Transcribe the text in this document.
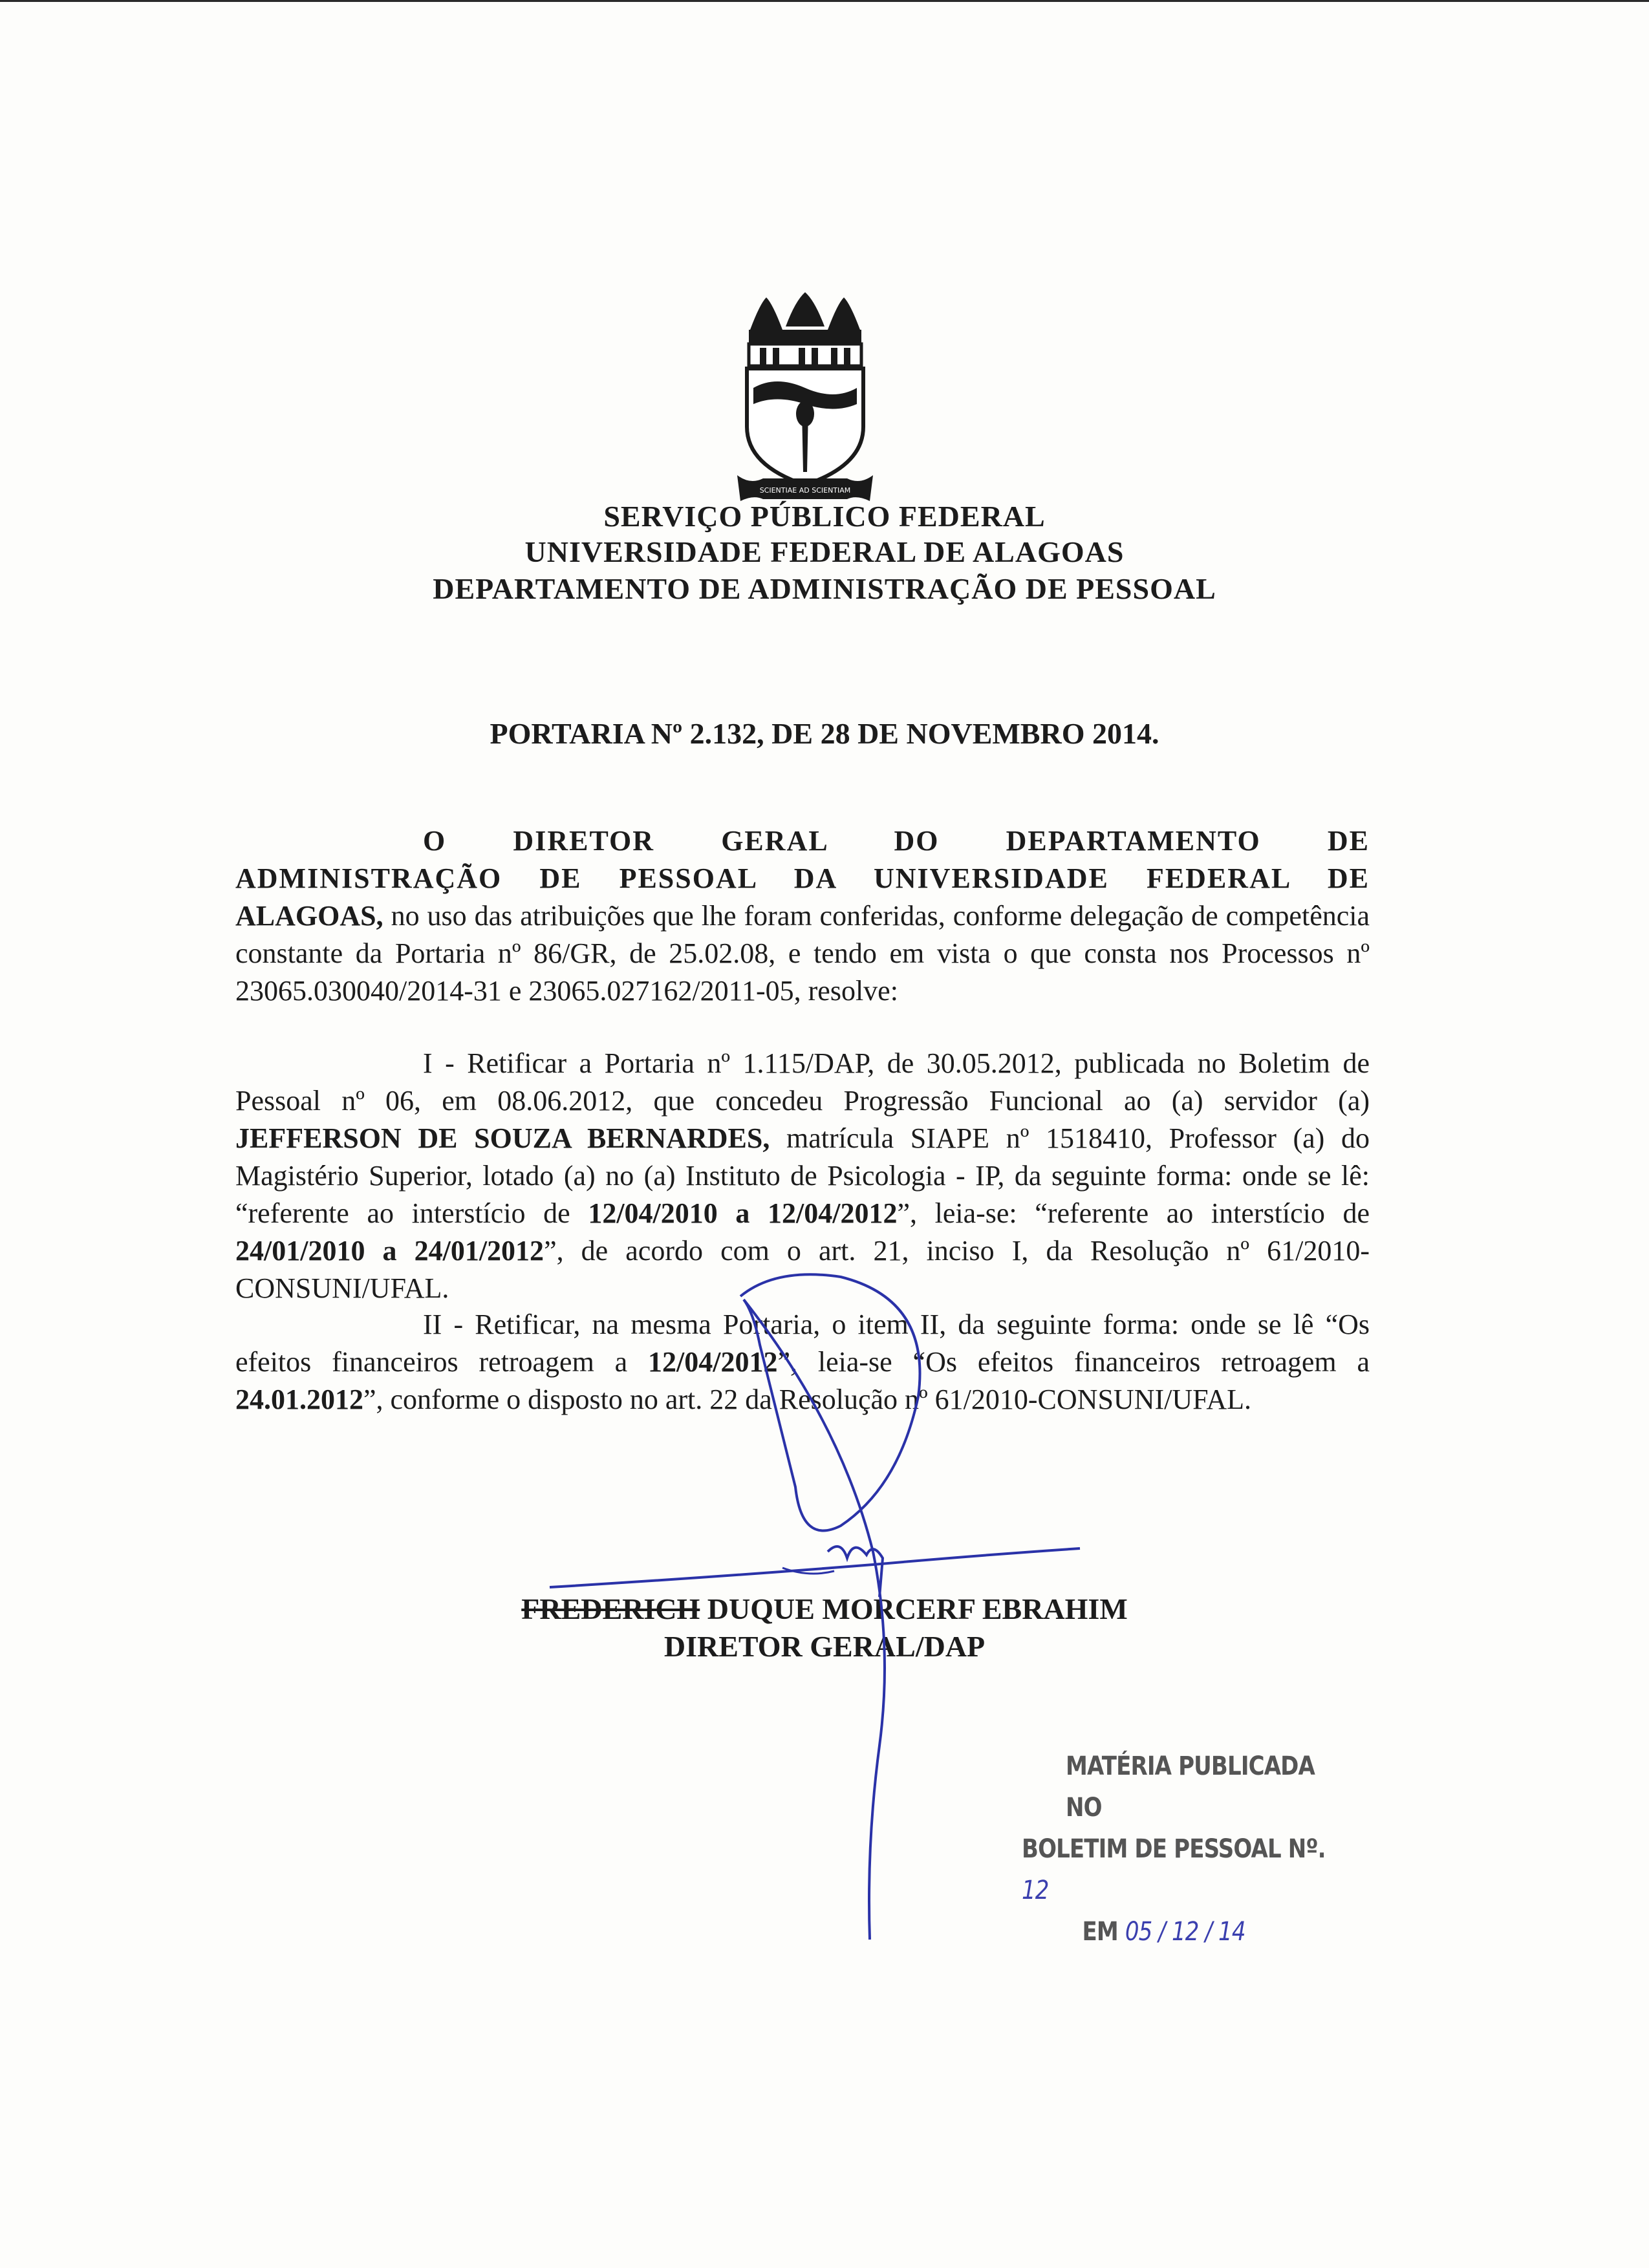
SCIENTIAE AD SCIENTIAM
SERVIÇO PÚBLICO FEDERAL
UNIVERSIDADE FEDERAL DE ALAGOAS
DEPARTAMENTO DE ADMINISTRAÇÃO DE PESSOAL
PORTARIA Nº 2.132, DE 28 DE NOVEMBRO 2014.
O DIRETOR GERAL DO DEPARTAMENTO DE
ADMINISTRAÇÃO DE PESSOAL DA UNIVERSIDADE FEDERAL DE
ALAGOAS, no uso das atribuições que lhe foram conferidas, conforme delegação de competência constante da Portaria nº 86/GR, de 25.02.08, e tendo em vista o que consta nos Processos nº 23065.030040/2014-31 e 23065.027162/2011-05, resolve:
I - Retificar a Portaria nº 1.115/DAP, de 30.05.2012, publicada no Boletim de Pessoal nº 06, em 08.06.2012, que concedeu Progressão Funcional ao (a) servidor (a) JEFFERSON DE SOUZA BERNARDES, matrícula SIAPE nº 1518410, Professor (a) do Magistério Superior, lotado (a) no (a) Instituto de Psicologia - IP, da seguinte forma: onde se lê: “referente ao interstício de 12/04/2010 a 12/04/2012”, leia-se: “referente ao interstício de 24/01/2010 a 24/01/2012”, de acordo com o art. 21, inciso I, da Resolução nº 61/2010-CONSUNI/UFAL.
II - Retificar, na mesma Portaria, o item II, da seguinte forma: onde se lê “Os efeitos financeiros retroagem a 12/04/2012”, leia-se “Os efeitos financeiros retroagem a 24.01.2012”, conforme o disposto no art. 22 da Resolução nº 61/2010-CONSUNI/UFAL.
FREDERICH DUQUE MORCERF EBRAHIM
DIRETOR GERAL/DAP
MATÉRIA PUBLICADA NO
BOLETIM DE PESSOAL Nº. 12
EM 05 / 12 / 14
